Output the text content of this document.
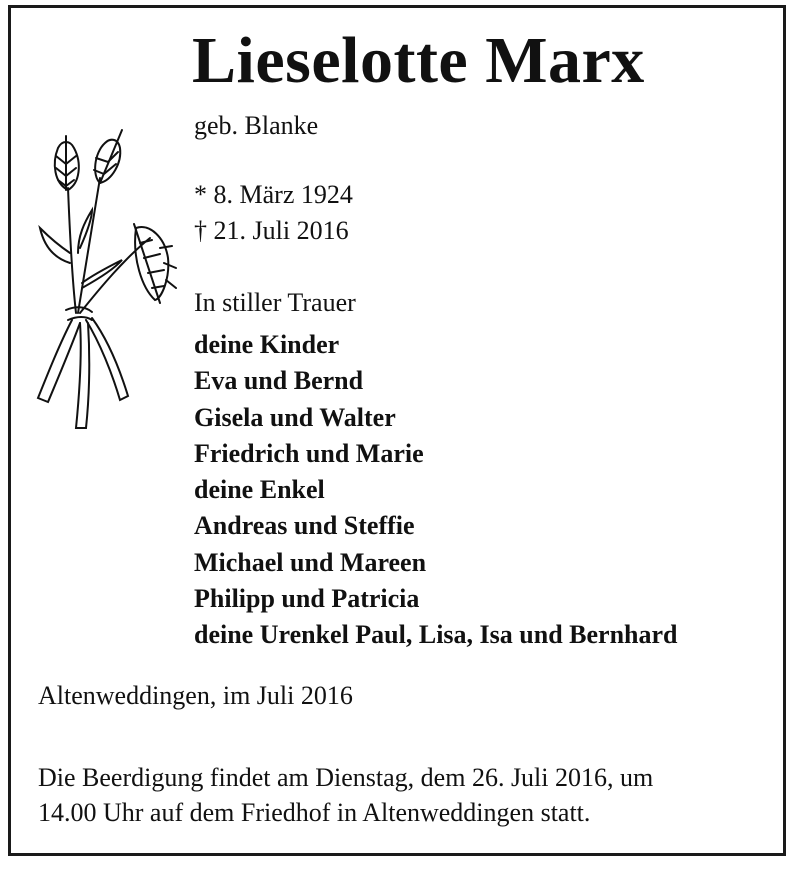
Lieselotte Marx
geb. Blanke
* 8. März 1924
† 21. Juli 2016
In stiller Trauer
deine Kinder
Eva und Bernd
Gisela und Walter
Friedrich und Marie
deine Enkel
Andreas und Steffie
Michael und Mareen
Philipp und Patricia
deine Urenkel Paul, Lisa, Isa und Bernhard
Altenweddingen, im Juli 2016
Die Beerdigung findet am Dienstag, dem 26. Juli 2016, um
14.00 Uhr auf dem Friedhof in Altenweddingen statt.
